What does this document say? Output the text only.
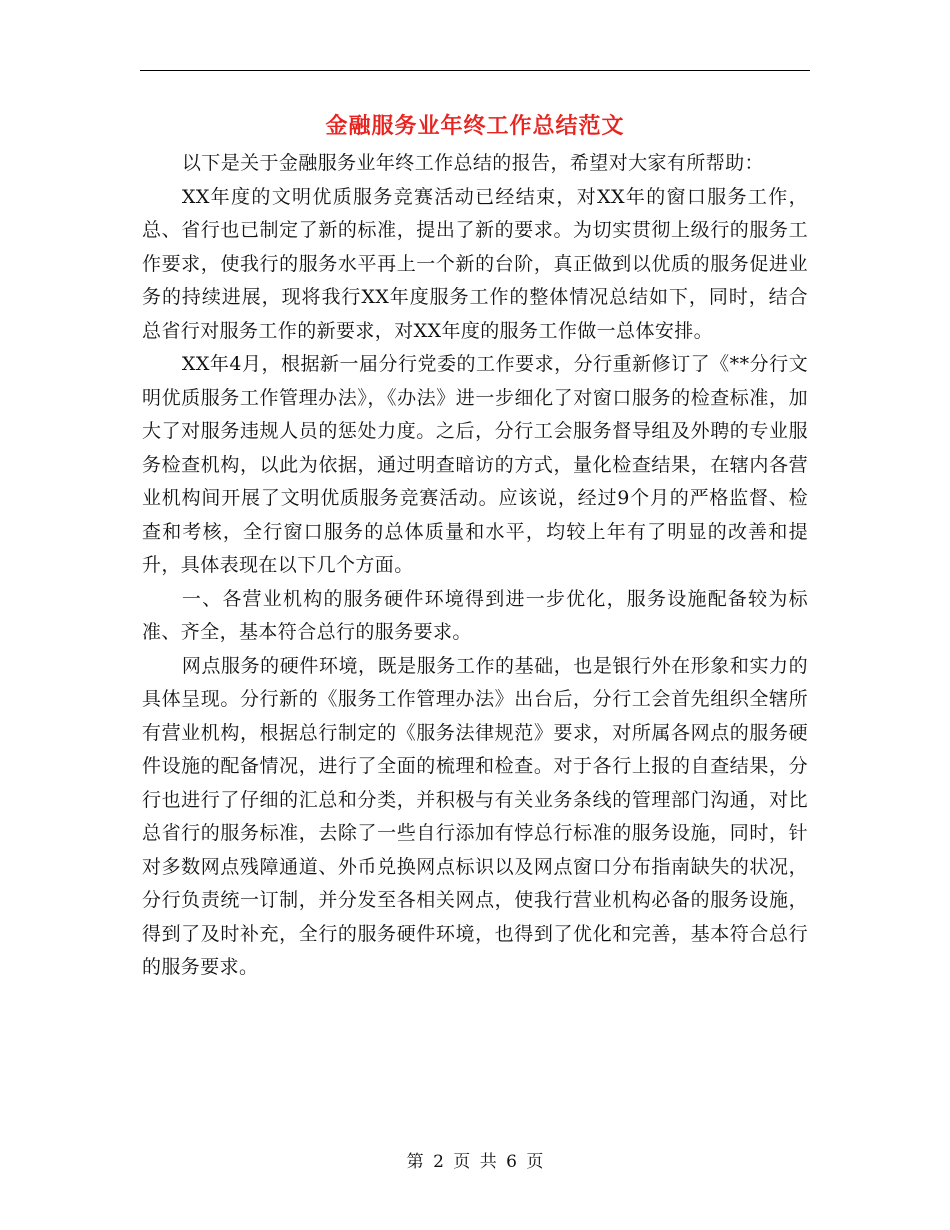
金融服务业年终工作总结范文

以下是关于金融服务业年终工作总结的报告，希望对大家有所帮助：

XX年度的文明优质服务竞赛活动已经结束，对XX年的窗口服务工作，总、省行也已制定了新的标准，提出了新的要求。为切实贯彻上级行的服务工作要求，使我行的服务水平再上一个新的台阶，真正做到以优质的服务促进业务的持续进展，现将我行XX年度服务工作的整体情况总结如下，同时，结合总省行对服务工作的新要求，对XX年度的服务工作做一总体安排。

XX年4月，根据新一届分行党委的工作要求，分行重新修订了《**分行文明优质服务工作管理办法》，《办法》进一步细化了对窗口服务的检查标准，加大了对服务违规人员的惩处力度。之后，分行工会服务督导组及外聘的专业服务检查机构，以此为依据，通过明查暗访的方式，量化检查结果，在辖内各营业机构间开展了文明优质服务竞赛活动。应该说，经过9个月的严格监督、检查和考核，全行窗口服务的总体质量和水平，均较上年有了明显的改善和提升，具体表现在以下几个方面。

一、各营业机构的服务硬件环境得到进一步优化，服务设施配备较为标准、齐全，基本符合总行的服务要求。

网点服务的硬件环境，既是服务工作的基础，也是银行外在形象和实力的具体呈现。分行新的《服务工作管理办法》出台后，分行工会首先组织全辖所有营业机构，根据总行制定的《服务法律规范》要求，对所属各网点的服务硬件设施的配备情况，进行了全面的梳理和检查。对于各行上报的自查结果，分行也进行了仔细的汇总和分类，并积极与有关业务条线的管理部门沟通，对比总省行的服务标准，去除了一些自行添加有悖总行标准的服务设施，同时，针对多数网点残障通道、外币兑换网点标识以及网点窗口分布指南缺失的状况，分行负责统一订制，并分发至各相关网点，使我行营业机构必备的服务设施，得到了及时补充，全行的服务硬件环境，也得到了优化和完善，基本符合总行的服务要求。

第 2 页 共 6 页
